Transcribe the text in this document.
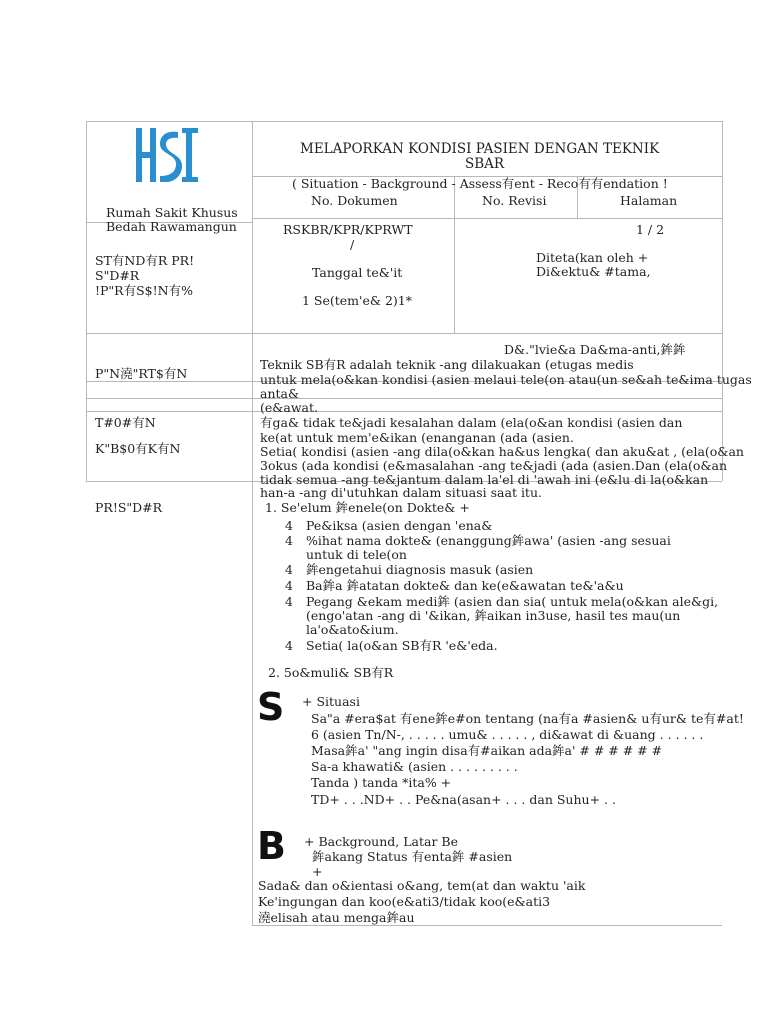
Rumah Sakit Khusus
Bedah Rawamangun
MELAPORKAN KONDISI PASIEN DENGAN TEKNIK
SBAR
( Situation - Background - Assess有ent - Reco有有endation !
No. Dokumen	No. Revisi	Halaman
RSKBR/KPR/KPRWT
/
1 / 2
ST有ND有R PR!
S"D#R
!P"R有S$!N有%
Tanggal te&'it
1 Se(tem'e& 2)1*
Diteta(kan oleh +
Di&ektu& #tama,
D&."lvie&a Da&ma-anti,鉾鉾
P"N澆"RT$有N
T#0#有N
K"B$0有K有N
PR!S"D#R
Teknik SB有R adalah teknik -ang dilakuakan (etugas medis
untuk mela(o&kan kondisi (asien melaui tele(on atau(un se&ah te&ima tugas
anta&
(e&awat.
有ga& tidak te&jadi kesalahan dalam (ela(o&an kondisi (asien dan
ke(at untuk mem'e&ikan (enanganan (ada (asien.
Setia( kondisi (asien -ang dila(o&kan ha&us lengka( dan aku&at , (ela(o&an
3okus (ada kondisi (e&masalahan -ang te&jadi (ada (asien.Dan (ela(o&an
tidak semua -ang te&jantum dalam la'el di 'awah ini (e&lu di la(o&kan
han-a -ang di'utuhkan dalam situasi saat itu.
1. Se'elum 鉾enele(on Dokte& +
4 Pe&iksa (asien dengan 'ena&
4 %ihat nama dokte& (enanggung鉾awa' (asien -ang sesuai
untuk di tele(on
4 鉾engetahui diagnosis masuk (asien
4 Ba鉾a 鉾atatan dokte& dan ke(e&awatan te&'a&u
4 Pegang &ekam medi鉾 (asien dan sia( untuk mela(o&kan ale&gi,
(engo'atan -ang di '&ikan, 鉾aikan in3use, hasil tes mau(un
la'o&ato&ium.
4 Setia( la(o&an SB有R 'e&'eda.
2. 5o&muli& SB有R
S + Situasi
Sa"a #era$at 有ene鉾e#on tentang (na有a #asien& u有ur& te有#at!
6 (asien Tn/N-, . . . . . umu& . . . . . , di&awat di &uang . . . . . .
Masa鉾a' "ang ingin disa有#aikan ada鉾a' # # # # # #
Sa-a khawati& (asien . . . . . . . . .
Tanda ) tanda *ita% +
TD+ . . .ND+ . . Pe&na(asan+ . . . dan Suhu+ . .
B + Background, Latar Be
鉾akang Status 有enta鉾 #asien
+
Sada& dan o&ientasi o&ang, tem(at dan waktu 'aik
Ke'ingungan dan koo(e&ati3/tidak koo(e&ati3
澆elisah atau menga鉾au
